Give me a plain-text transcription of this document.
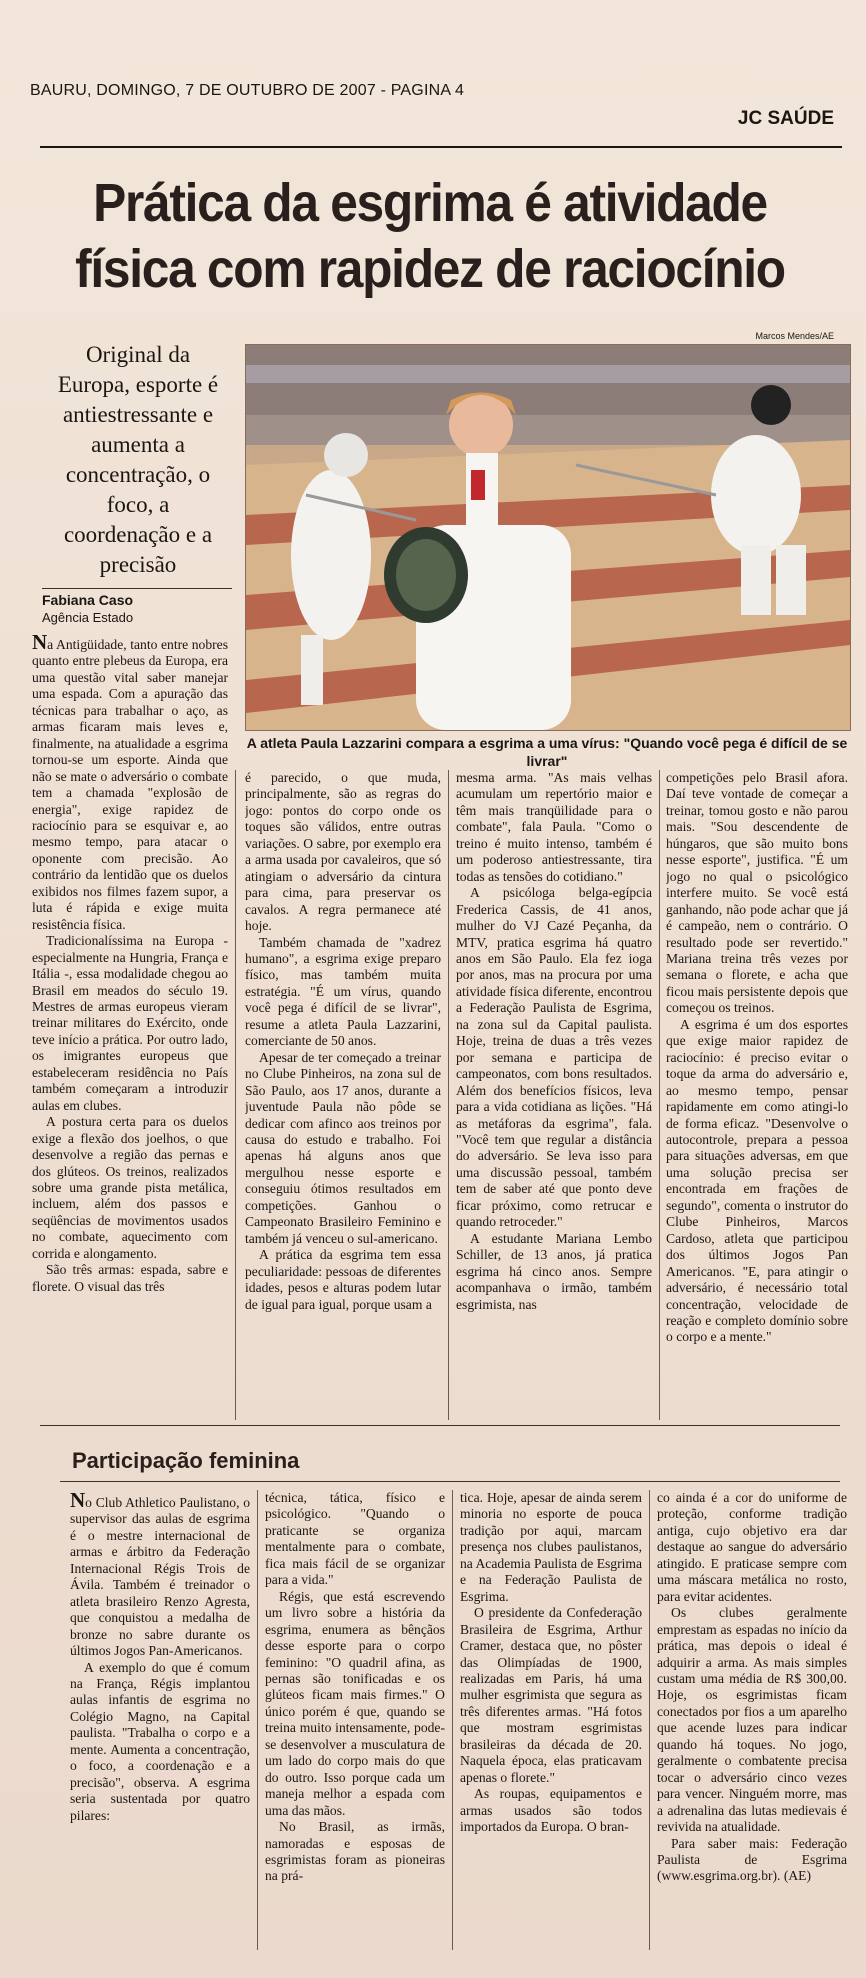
BAURU, DOMINGO, 7 DE OUTUBRO DE 2007 - PAGINA 4
JC SAÚDE
Prática da esgrima é atividade
física com rapidez de raciocínio
Marcos Mendes/AE
Original da Europa, esporte é antiestressante e aumenta a concentração, o foco, a coordenação e a precisão
Fabiana Caso
Agência Estado
A atleta Paula Lazzarini compara a esgrima a uma vírus: "Quando você pega é difícil de se livrar"

Na Antigüidade, tanto entre nobres quanto entre plebeus da Europa, era uma questão vital saber manejar uma espada. Com a apuração das técnicas para trabalhar o aço, as armas ficaram mais leves e, finalmente, na atualidade a esgrima tornou-se um esporte. Ainda que não se mate o adversário o combate tem a chamada "explosão de energia", exige rapidez de raciocínio para se esquivar e, ao mesmo tempo, para atacar o oponente com precisão. Ao contrário da lentidão que os duelos exibidos nos filmes fazem supor, a luta é rápida e exige muita resistência física.

Tradicionalíssima na Europa - especialmente na Hungria, França e Itália -, essa modalidade chegou ao Brasil em meados do século 19. Mestres de armas europeus vieram treinar militares do Exército, onde teve início a prática. Por outro lado, os imigrantes europeus que estabeleceram residência no País também começaram a introduzir aulas em clubes.

A postura certa para os duelos exige a flexão dos joelhos, o que desenvolve a região das pernas e dos glúteos. Os treinos, realizados sobre uma grande pista metálica, incluem, além dos passos e seqüências de movimentos usados no combate, aquecimento com corrida e alongamento.

São três armas: espada, sabre e florete. O visual das três

é parecido, o que muda, principalmente, são as regras do jogo: pontos do corpo onde os toques são válidos, entre outras variações. O sabre, por exemplo era a arma usada por cavaleiros, que só atingiam o adversário da cintura para cima, para preservar os cavalos. A regra permanece até hoje.

Também chamada de "xadrez humano", a esgrima exige preparo físico, mas também muita estratégia. "É um vírus, quando você pega é difícil de se livrar", resume a atleta Paula Lazzarini, comerciante de 50 anos.

Apesar de ter começado a treinar no Clube Pinheiros, na zona sul de São Paulo, aos 17 anos, durante a juventude Paula não pôde se dedicar com afinco aos treinos por causa do estudo e trabalho. Foi apenas há alguns anos que mergulhou nesse esporte e conseguiu ótimos resultados em competições. Ganhou o Campeonato Brasileiro Feminino e também já venceu o sul-americano.

A prática da esgrima tem essa peculiaridade: pessoas de diferentes idades, pesos e alturas podem lutar de igual para igual, porque usam a

mesma arma. "As mais velhas acumulam um repertório maior e têm mais tranqüilidade para o combate", fala Paula. "Como o treino é muito intenso, também é um poderoso antiestressante, tira todas as tensões do cotidiano."

A psicóloga belga-egípcia Frederica Cassis, de 41 anos, mulher do VJ Cazé Peçanha, da MTV, pratica esgrima há quatro anos em São Paulo. Ela fez ioga por anos, mas na procura por uma atividade física diferente, encontrou a Federação Paulista de Esgrima, na zona sul da Capital paulista. Hoje, treina de duas a três vezes por semana e participa de campeonatos, com bons resultados. Além dos benefícios físicos, leva para a vida cotidiana as lições. "Há as metáforas da esgrima", fala. "Você tem que regular a distância do adversário. Se leva isso para uma discussão pessoal, também tem de saber até que ponto deve ficar próximo, como retrucar e quando retroceder."

A estudante Mariana Lembo Schiller, de 13 anos, já pratica esgrima há cinco anos. Sempre acompanhava o irmão, também esgrimista, nas

competições pelo Brasil afora. Daí teve vontade de começar a treinar, tomou gosto e não parou mais. "Sou descendente de húngaros, que são muito bons nesse esporte", justifica. "É um jogo no qual o psicológico interfere muito. Se você está ganhando, não pode achar que já é campeão, nem o contrário. O resultado pode ser revertido." Mariana treina três vezes por semana o florete, e acha que ficou mais persistente depois que começou os treinos.

A esgrima é um dos esportes que exige maior rapidez de raciocínio: é preciso evitar o toque da arma do adversário e, ao mesmo tempo, pensar rapidamente em como atingi-lo de forma eficaz. "Desenvolve o autocontrole, prepara a pessoa para situações adversas, em que uma solução precisa ser encontrada em frações de segundo", comenta o instrutor do Clube Pinheiros, Marcos Cardoso, atleta que participou dos últimos Jogos Pan Americanos. "E, para atingir o adversário, é necessário total concentração, velocidade de reação e completo domínio sobre o corpo e a mente."

Participação feminina

No Club Athletico Paulistano, o supervisor das aulas de esgrima é o mestre internacional de armas e árbitro da Federação Internacional Régis Trois de Ávila. Também é treinador o atleta brasileiro Renzo Agresta, que conquistou a medalha de bronze no sabre durante os últimos Jogos Pan-Americanos.

A exemplo do que é comum na França, Régis implantou aulas infantis de esgrima no Colégio Magno, na Capital paulista. "Trabalha o corpo e a mente. Aumenta a concentração, o foco, a coordenação e a precisão", observa. A esgrima seria sustentada por quatro pilares:

técnica, tática, físico e psicológico. "Quando o praticante se organiza mentalmente para o combate, fica mais fácil de se organizar para a vida."

Régis, que está escrevendo um livro sobre a história da esgrima, enumera as bênçãos desse esporte para o corpo feminino: "O quadril afina, as pernas são tonificadas e os glúteos ficam mais firmes." O único porém é que, quando se treina muito intensamente, pode-se desenvolver a musculatura de um lado do corpo mais do que do outro. Isso porque cada um maneja melhor a espada com uma das mãos.

No Brasil, as irmãs, namoradas e esposas de esgrimistas foram as pioneiras na prá-

tica. Hoje, apesar de ainda serem minoria no esporte de pouca tradição por aqui, marcam presença nos clubes paulistanos, na Academia Paulista de Esgrima e na Federação Paulista de Esgrima.

O presidente da Confederação Brasileira de Esgrima, Arthur Cramer, destaca que, no pôster das Olimpíadas de 1900, realizadas em Paris, há uma mulher esgrimista que segura as três diferentes armas. "Há fotos que mostram esgrimistas brasileiras da década de 20. Naquela época, elas praticavam apenas o florete."

As roupas, equipamentos e armas usados são todos importados da Europa. O bran-

co ainda é a cor do uniforme de proteção, conforme tradição antiga, cujo objetivo era dar destaque ao sangue do adversário atingido. E praticase sempre com uma máscara metálica no rosto, para evitar acidentes.

Os clubes geralmente emprestam as espadas no início da prática, mas depois o ideal é adquirir a arma. As mais simples custam uma média de R$ 300,00. Hoje, os esgrimistas ficam conectados por fios a um aparelho que acende luzes para indicar quando há toques. No jogo, geralmente o combatente precisa tocar o adversário cinco vezes para vencer. Ninguém morre, mas a adrenalina das lutas medievais é revivida na atualidade.

Para saber mais: Federação Paulista de Esgrima (www.esgrima.org.br). (AE)
